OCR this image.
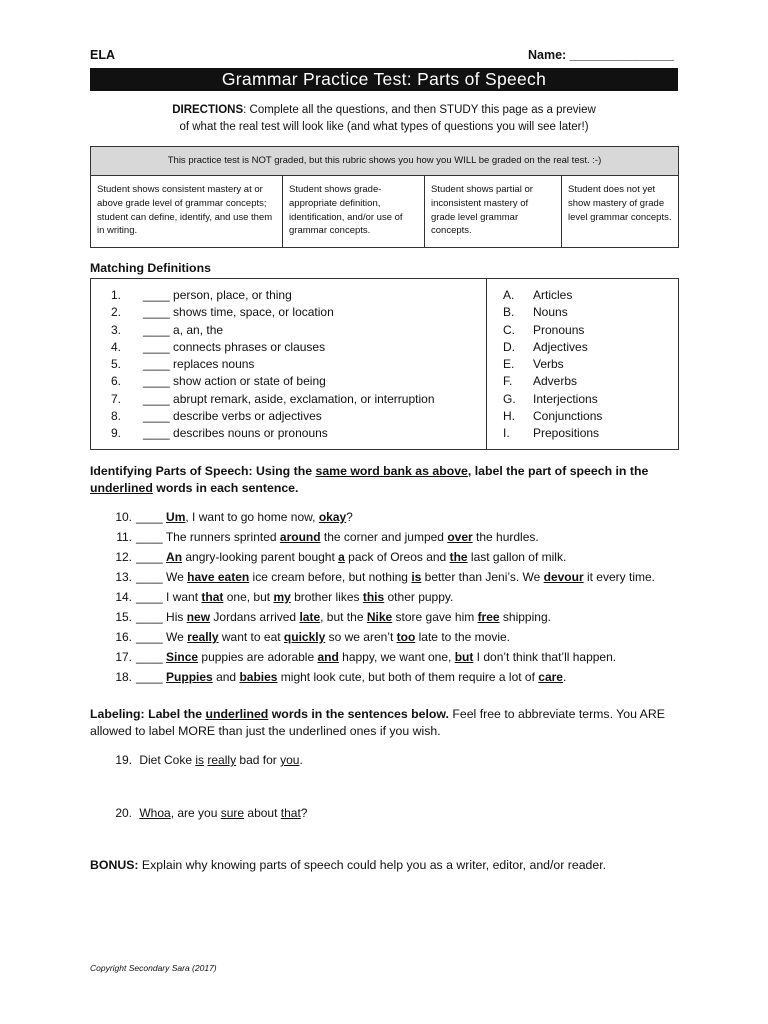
ELA	Name: _______________
Grammar Practice Test: Parts of Speech
DIRECTIONS: Complete all the questions, and then STUDY this page as a preview
of what the real test will look like (and what types of questions you will see later!)
This practice test is NOT graded, but this rubric shows you how you WILL be graded on the real test. :-)
Student shows consistent mastery at or above grade level of grammar concepts; student can define, identify, and use them in writing.
Student shows grade-appropriate definition, identification, and/or use of grammar concepts.
Student shows partial or inconsistent mastery of grade level grammar concepts.
Student does not yet show mastery of grade level grammar concepts.
Matching Definitions
1.	____ person, place, or thing
2.	____ shows time, space, or location
3.	____ a, an, the
4.	____ connects phrases or clauses
5.	____ replaces nouns
6.	____ show action or state of being
7.	____ abrupt remark, aside, exclamation, or interruption
8.	____ describe verbs or adjectives
9.	____ describes nouns or pronouns
A.	Articles
B.	Nouns
C.	Pronouns
D.	Adjectives
E.	Verbs
F.	Adverbs
G.	Interjections
H.	Conjunctions
I.	Prepositions
Identifying Parts of Speech: Using the same word bank as above, label the part of speech in the
underlined words in each sentence.
10. ____ Um, I want to go home now, okay?
11. ____ The runners sprinted around the corner and jumped over the hurdles.
12. ____ An angry-looking parent bought a pack of Oreos and the last gallon of milk.
13. ____ We have eaten ice cream before, but nothing is better than Jeni’s. We devour it every time.
14. ____ I want that one, but my brother likes this other puppy.
15. ____ His new Jordans arrived late, but the Nike store gave him free shipping.
16. ____ We really want to eat quickly so we aren’t too late to the movie.
17. ____ Since puppies are adorable and happy, we want one, but I don’t think that’ll happen.
18. ____ Puppies and babies might look cute, but both of them require a lot of care.
Labeling: Label the underlined words in the sentences below. Feel free to abbreviate terms. You ARE allowed to label MORE than just the underlined ones if you wish.
19. Diet Coke is really bad for you.
20. Whoa, are you sure about that?
BONUS: Explain why knowing parts of speech could help you as a writer, editor, and/or reader.
Copyright Secondary Sara (2017)
